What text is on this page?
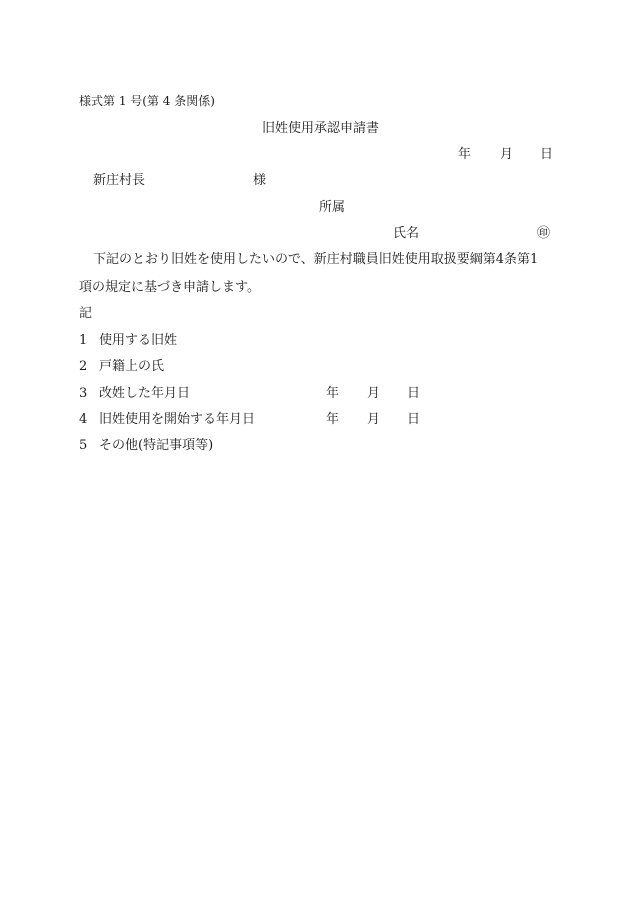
様式第 1 号(第 4 条関係)
旧姓使用承認申請書
年 月 日
新庄村長	様
所属
氏名	㊞
下記のとおり旧姓を使用したいので、新庄村職員旧姓使用取扱要綱第4条第1
項の規定に基づき申請します。
記
1 使用する旧姓
2 戸籍上の氏
3 改姓した年月日	年 月 日
4 旧姓使用を開始する年月日	年 月 日
5 その他(特記事項等)
